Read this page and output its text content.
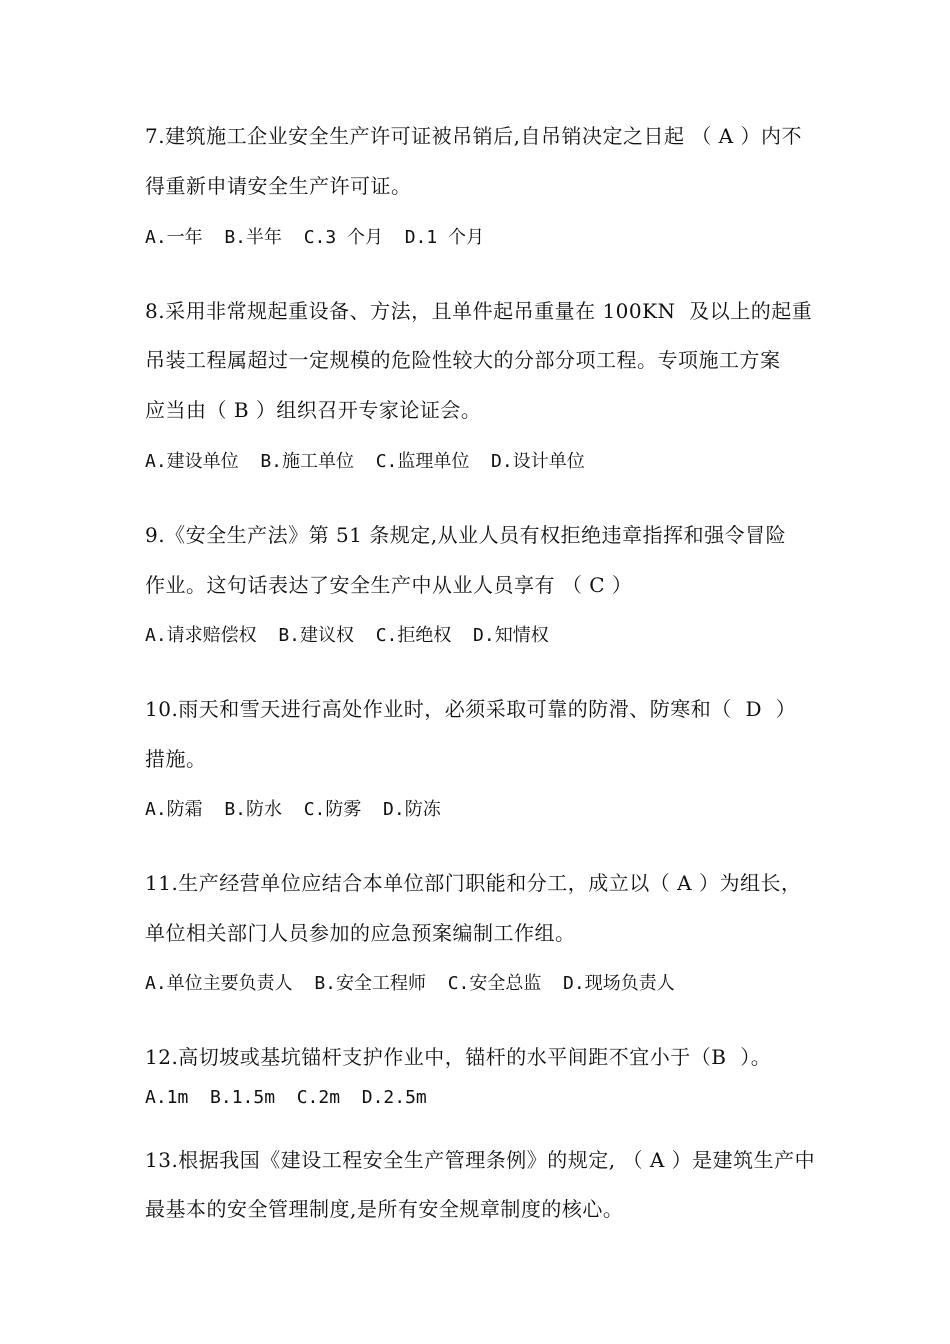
7.建筑施工企业安全生产许可证被吊销后,自吊销决定之日起 （ A ）内不
得重新申请安全生产许可证。
A.一年  B.半年  C.3 个月  D.1 个月
8.采用非常规起重设备、方法，且单件起吊重量在 100KN  及以上的起重
吊装工程属超过一定规模的危险性较大的分部分项工程。专项施工方案
应当由（ B ）组织召开专家论证会。
A.建设单位  B.施工单位  C.监理单位  D.设计单位
9.《安全生产法》第 51 条规定,从业人员有权拒绝违章指挥和强令冒险
作业。这句话表达了安全生产中从业人员享有 （ C ）
A.请求赔偿权  B.建议权  C.拒绝权  D.知情权
10.雨天和雪天进行高处作业时，必须采取可靠的防滑、防寒和（  D  ）
措施。
A.防霜  B.防水  C.防雾  D.防冻
11.生产经营单位应结合本单位部门职能和分工，成立以（ A ）为组长，
单位相关部门人员参加的应急预案编制工作组。
A.单位主要负责人  B.安全工程师  C.安全总监  D.现场负责人
12.高切坡或基坑锚杆支护作业中，锚杆的水平间距不宜小于（B  ）。
A.1m  B.1.5m  C.2m  D.2.5m
13.根据我国《建设工程安全生产管理条例》的规定, （ A ）是建筑生产中
最基本的安全管理制度,是所有安全规章制度的核心。
